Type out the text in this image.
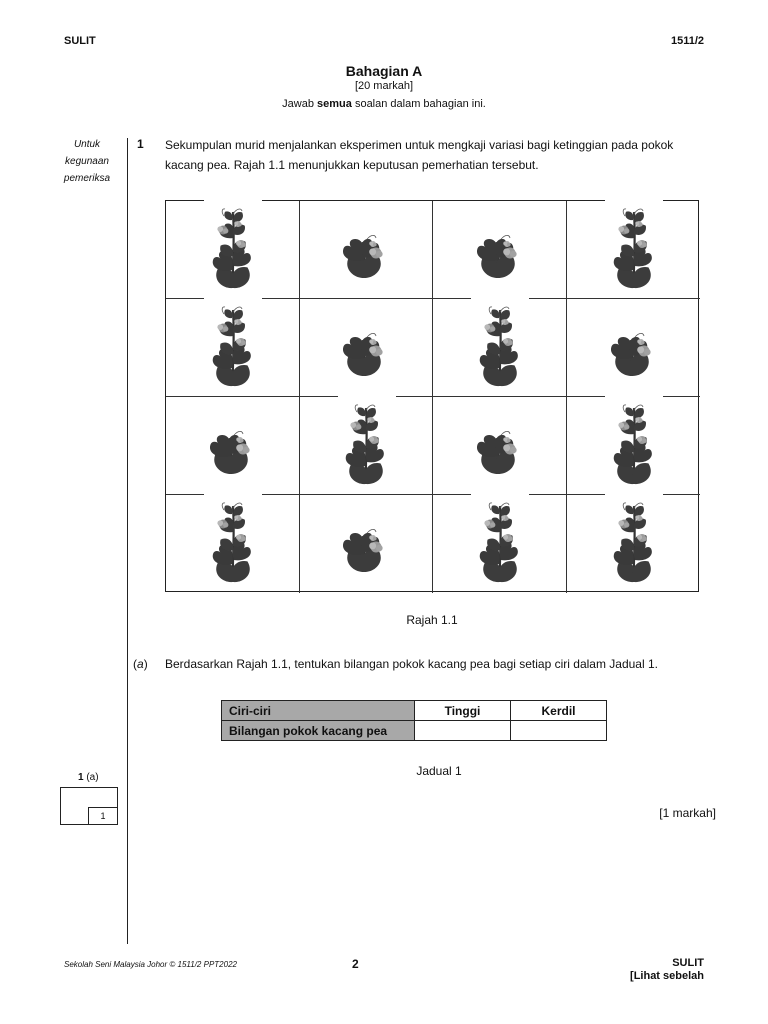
SULIT	1511/2
Bahagian A
[20 markah]
Jawab semua soalan dalam bahagian ini.
Untuk
kegunaan
pemeriksa
1 Sekumpulan murid menjalankan eksperimen untuk mengkaji variasi bagi ketinggian pada pokok
kacang pea. Rajah 1.1 menunjukkan keputusan pemerhatian tersebut.
Rajah 1.1
(a) Berdasarkan Rajah 1.1, tentukan bilangan pokok kacang pea bagi setiap ciri dalam Jadual 1.
Ciri-ciri	Tinggi	Kerdil
Bilangan pokok kacang pea		
Jadual 1
1 (a)
1	[1 markah]
Sekolah Seni Malaysia Johor © 1511/2 PPT2022	2	SULIT
[Lihat sebelah
